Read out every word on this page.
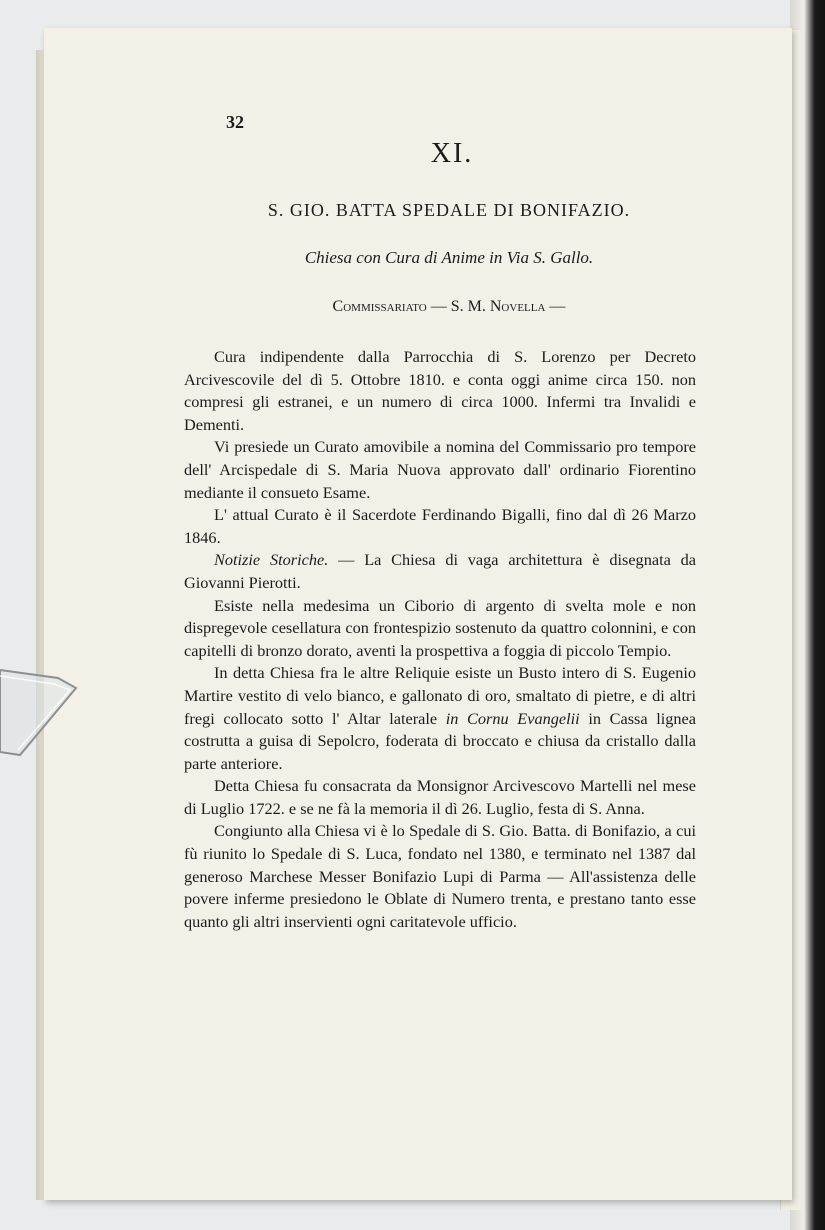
32
XI.
S. GIO. BATTA SPEDALE DI BONIFAZIO.
Chiesa con Cura di Anime in Via S. Gallo.
Commissariato — S. M. Novella —

Cura indipendente dalla Parrocchia di S. Lorenzo per Decreto Arcivescovile del dì 5. Ottobre 1810. e conta oggi anime circa 150. non compresi gli estranei, e un numero di circa 1000. Infermi tra Invalidi e Dementi.

Vi presiede un Curato amovibile a nomina del Commissario pro tempore dell' Arcispedale di S. Maria Nuova approvato dall' ordinario Fiorentino mediante il consueto Esame.

L' attual Curato è il Sacerdote Ferdinando Bigalli, fino dal dì 26 Marzo 1846.

Notizie Storiche. — La Chiesa di vaga architettura è disegnata da Giovanni Pierotti.

Esiste nella medesima un Ciborio di argento di svelta mole e non dispregevole cesellatura con frontespizio sostenuto da quattro colonnini, e con capitelli di bronzo dorato, aventi la prospettiva a foggia di piccolo Tempio.

In detta Chiesa fra le altre Reliquie esiste un Busto intero di S. Eugenio Martire vestito di velo bianco, e gallonato di oro, smaltato di pietre, e di altri fregi collocato sotto l' Altar laterale in Cornu Evangelii in Cassa lignea costrutta a guisa di Sepolcro, foderata di broccato e chiusa da cristallo dalla parte anteriore.

Detta Chiesa fu consacrata da Monsignor Arcivescovo Martelli nel mese di Luglio 1722. e se ne fà la memoria il dì 26. Luglio, festa di S. Anna.

Congiunto alla Chiesa vi è lo Spedale di S. Gio. Batta. di Bonifazio, a cui fù riunito lo Spedale di S. Luca, fondato nel 1380, e terminato nel 1387 dal generoso Marchese Messer Bonifazio Lupi di Parma — All'assistenza delle povere inferme presiedono le Oblate di Numero trenta, e prestano tanto esse quanto gli altri inservienti ogni caritatevole ufficio.
